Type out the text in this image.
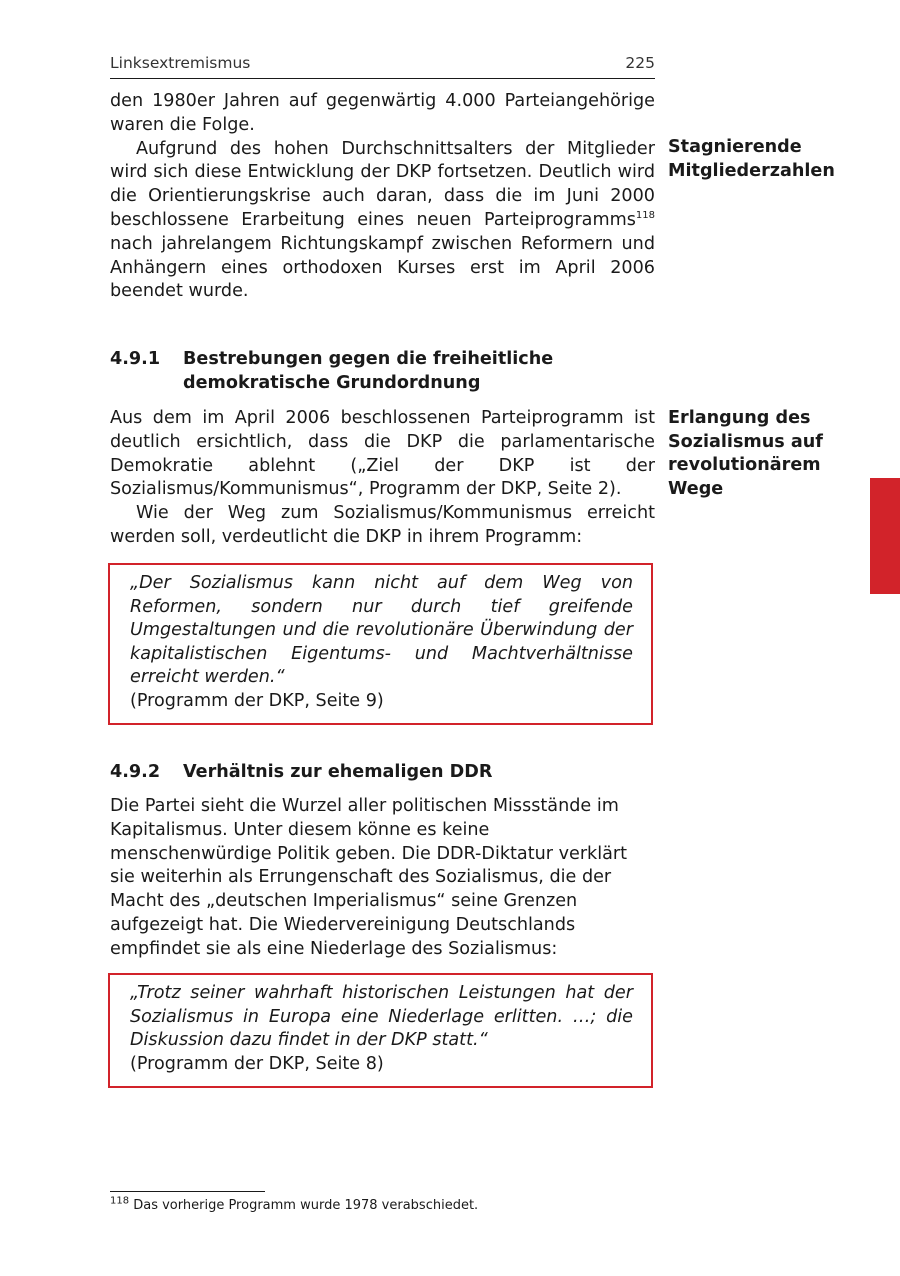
Linksextremismus	225

den 1980er Jahren auf gegenwärtig 4.000 Parteiangehörige waren die Folge.

Aufgrund des hohen Durchschnittsalters der Mitglieder wird sich diese Entwicklung der DKP fortsetzen. Deutlich wird die Orientierungskrise auch daran, dass die im Juni 2000 beschlossene Erarbeitung eines neuen Parteiprogramms$^{118}$ nach jahrelangem Richtungskampf zwischen Reformern und Anhängern eines orthodoxen Kurses erst im April 2006 beendet wurde.

Stagnierende Mitgliederzahlen
4.9.1 Bestrebungen gegen die freiheitliche demokratische Grundordnung

Aus dem im April 2006 beschlossenen Parteiprogramm ist deutlich ersichtlich, dass die DKP die parlamentarische Demokratie ablehnt („Ziel der DKP ist der Sozialismus/Kommunismus“, Programm der DKP, Seite 2).

Wie der Weg zum Sozialismus/Kommunismus erreicht werden soll, verdeutlicht die DKP in ihrem Programm:

Erlangung des Sozialismus auf revolutionärem Wege

„Der Sozialismus kann nicht auf dem Weg von Reformen, sondern nur durch tief greifende Umgestaltungen und die revolutionäre Überwindung der kapitalistischen Eigentums- und Machtverhältnisse erreicht werden.“

(Programm der DKP, Seite 9)

4.9.2 Verhältnis zur ehemaligen DDR

Die Partei sieht die Wurzel aller politischen Missstände im Kapitalismus. Unter diesem könne es keine menschenwürdige Politik geben. Die DDR-Diktatur verklärt sie weiterhin als Errungenschaft des Sozialismus, die der Macht des „deutschen Imperialismus“ seine Grenzen aufgezeigt hat. Die Wiedervereinigung Deutschlands empfindet sie als eine Niederlage des Sozialismus:

„Trotz seiner wahrhaft historischen Leistungen hat der Sozialismus in Europa eine Niederlage erlitten. …; die Diskussion dazu findet in der DKP statt.“

(Programm der DKP, Seite 8)

$^{118}$ Das vorherige Programm wurde 1978 verabschiedet.
